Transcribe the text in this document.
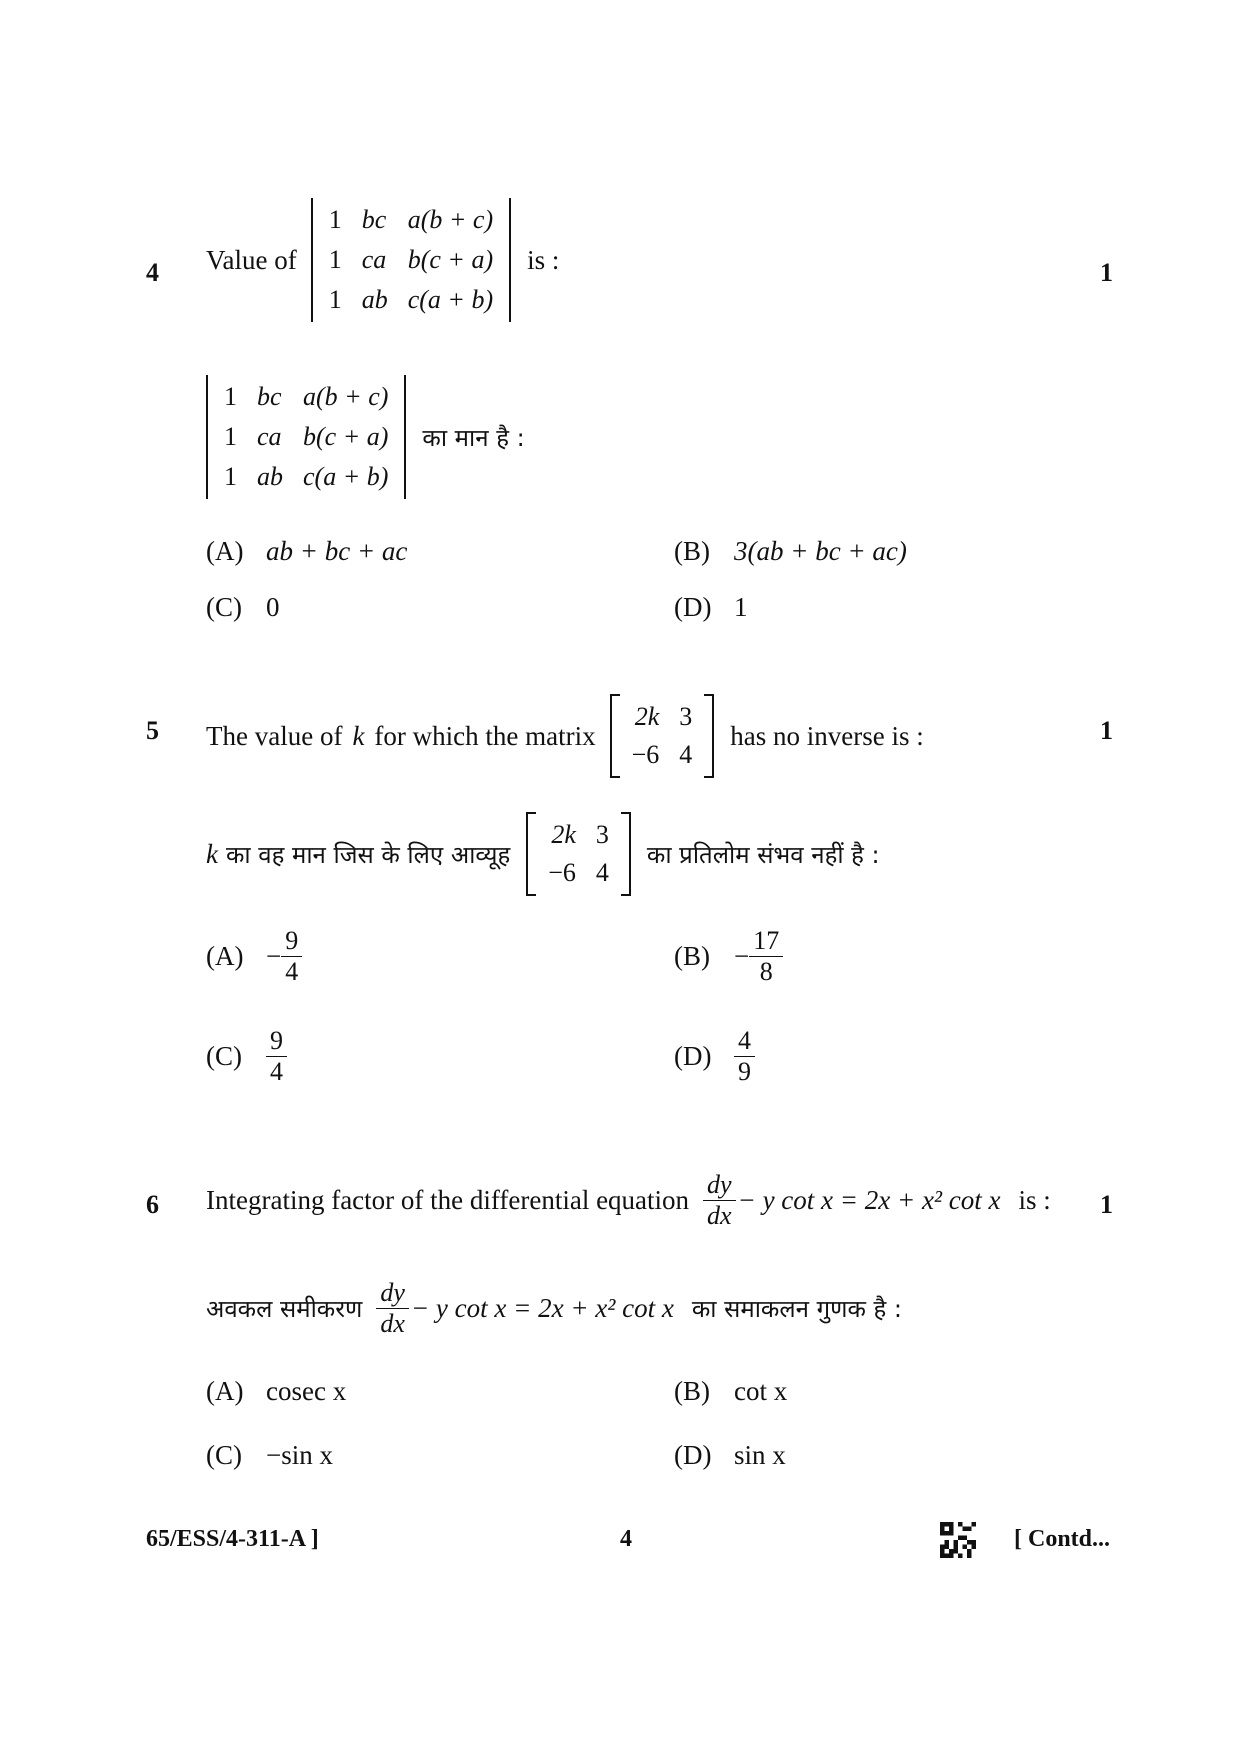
4 Value of
1	bc	a(b + c)
1	ca	b(c + a)
1	ab	c(a + b)
is :	1
1	bc	a(b + c)
1	ca	b(c + a)
1	ab	c(a + b)
का मान है :
(A) ab + bc + ac	(B) 3(ab + bc + ac)
(C) 0	(D) 1
5 The value of k for which the matrix
2k	3
−6	4
has no inverse is :	1
k का वह मान जिस के लिए आव्यूह
2k	3
−6	4
का प्रतिलोम संभव नहीं है :
$(A) - \frac{9}{4}$	$(B) - \frac{17}{8}$
$(C) \frac{9}{4}$	$(D) \frac{4}{9}$
6 Integrating factor of the differential equation $\frac{dy}{dx} - y$ cot x = 2x + x² cot x is : 1
अवकल समीकरण $\frac{dy}{dx} - y$ cot x = 2x + x² cot x का समाकलन गुणक है :
(A) cosec x	(B) cot x
(C) −sin x	(D) sin x
65/ESS/4-311-A ]	4	[ Contd...
